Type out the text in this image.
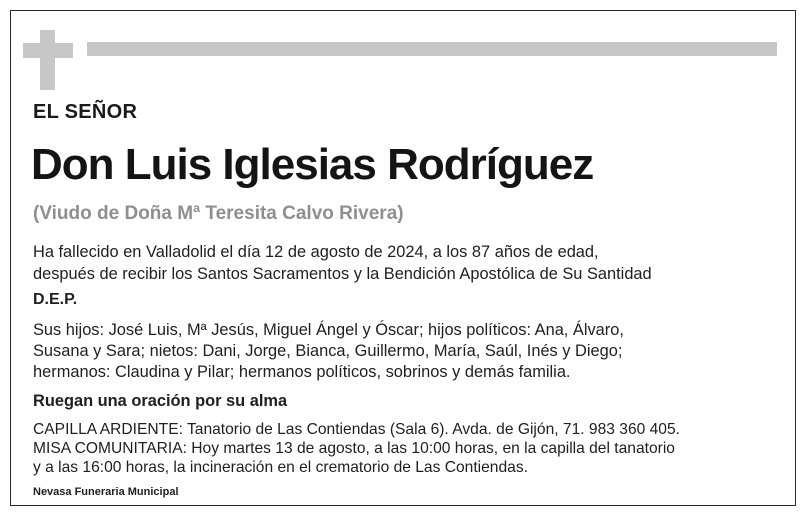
EL SEÑOR
Don Luis Iglesias Rodríguez
(Viudo de Doña Mª Teresita Calvo Rivera)
Ha fallecido en Valladolid el día 12 de agosto de 2024, a los 87 años de edad,
después de recibir los Santos Sacramentos y la Bendición Apostólica de Su Santidad
D.E.P.
Sus hijos: José Luis, Mª Jesús, Miguel Ángel y Óscar; hijos políticos: Ana, Álvaro,
Susana y Sara; nietos: Dani, Jorge, Bianca, Guillermo, María, Saúl, Inés y Diego;
hermanos: Claudina y Pilar; hermanos políticos, sobrinos y demás familia.
Ruegan una oración por su alma
CAPILLA ARDIENTE: Tanatorio de Las Contiendas (Sala 6). Avda. de Gijón, 71. 983 360 405.
MISA COMUNITARIA: Hoy martes 13 de agosto, a las 10:00 horas, en la capilla del tanatorio
y a las 16:00 horas, la incineración en el crematorio de Las Contiendas.
Nevasa Funeraria Municipal
